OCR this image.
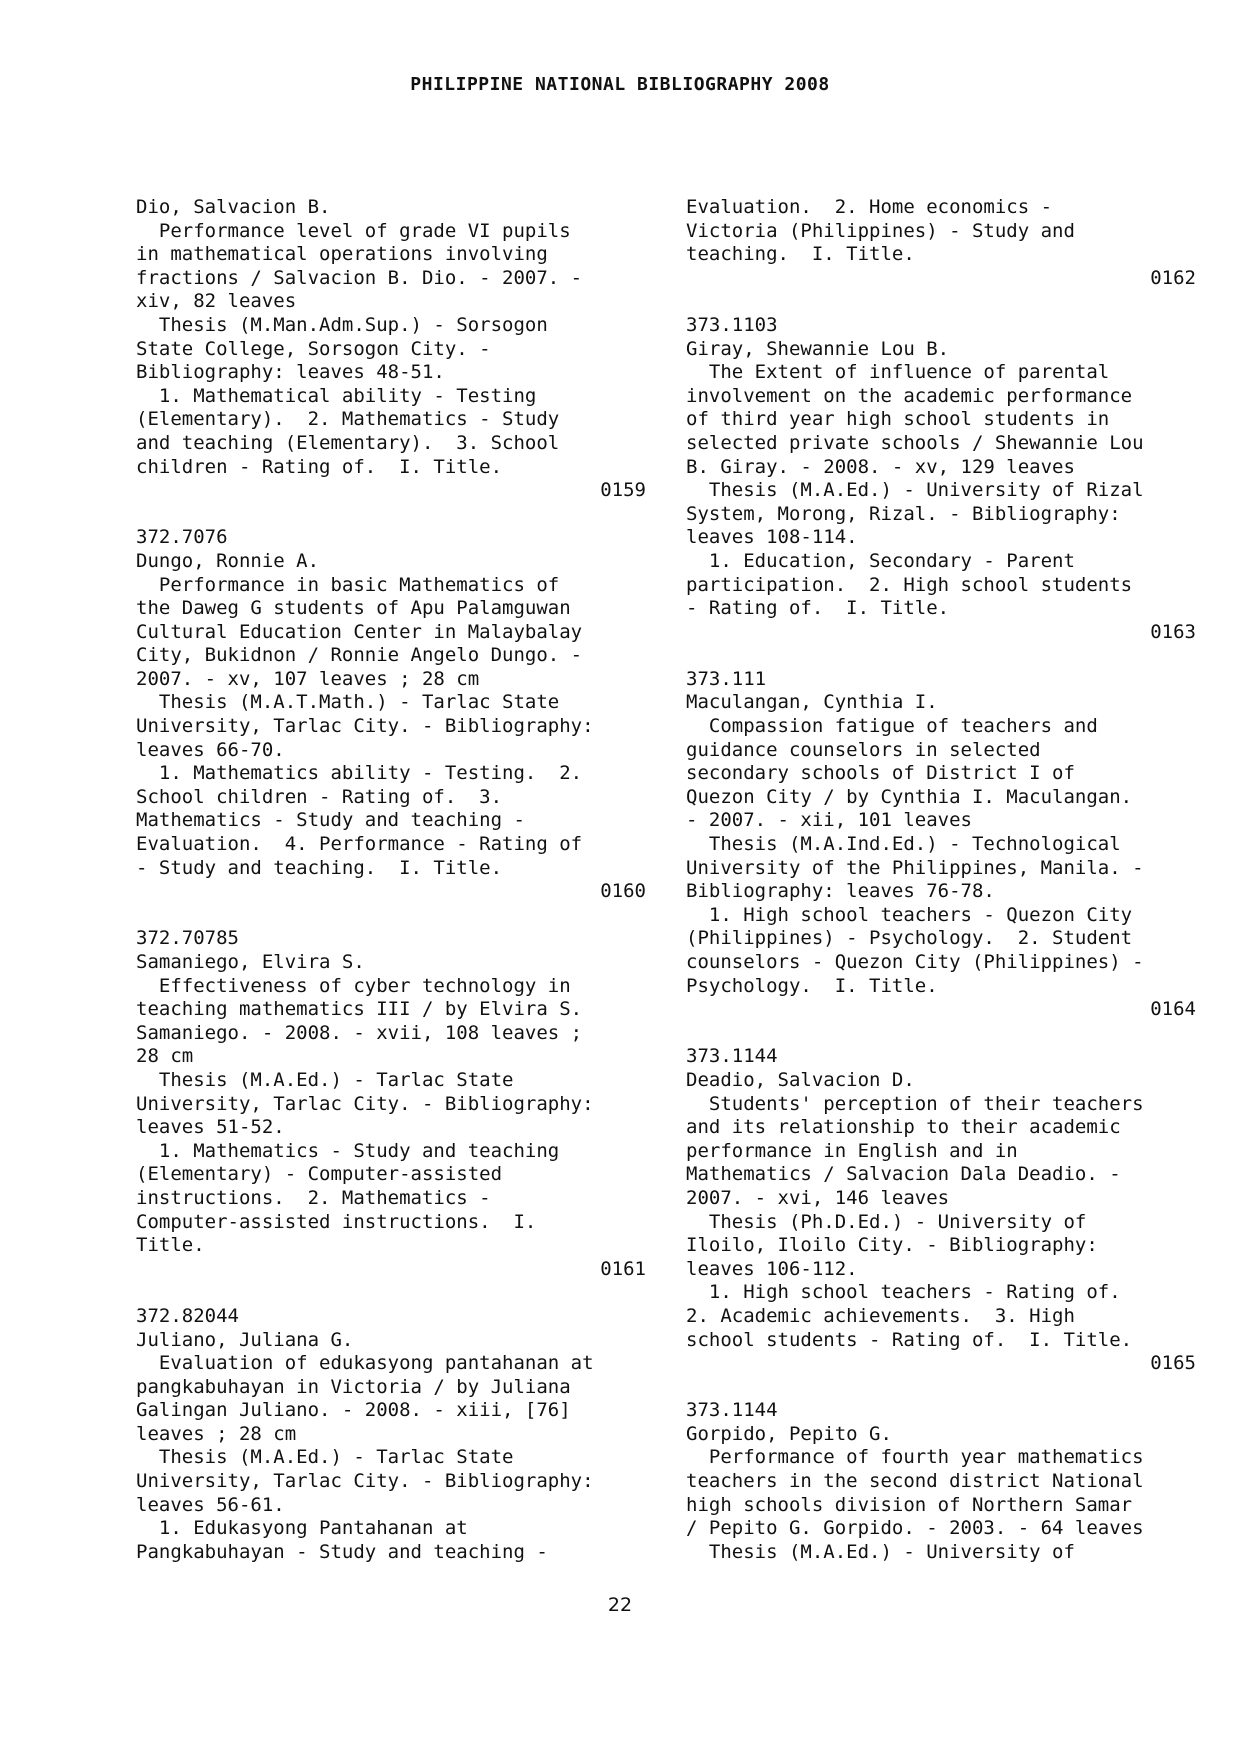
PHILIPPINE NATIONAL BIBLIOGRAPHY 2008
Dio, Salvacion B.
Performance level of grade VI pupils
in mathematical operations involving
fractions / Salvacion B. Dio. - 2007. -
xiv, 82 leaves
Thesis (M.Man.Adm.Sup.) - Sorsogon
State College, Sorsogon City. -
Bibliography: leaves 48-51.
1. Mathematical ability - Testing
(Elementary).  2. Mathematics - Study
and teaching (Elementary).  3. School
children - Rating of.  I. Title.
0159
372.7076
Dungo, Ronnie A.
Performance in basic Mathematics of
the Daweg G students of Apu Palamguwan
Cultural Education Center in Malaybalay
City, Bukidnon / Ronnie Angelo Dungo. -
2007. - xv, 107 leaves ; 28 cm
Thesis (M.A.T.Math.) - Tarlac State
University, Tarlac City. - Bibliography:
leaves 66-70.
1. Mathematics ability - Testing.  2.
School children - Rating of.  3.
Mathematics - Study and teaching -
Evaluation.  4. Performance - Rating of
- Study and teaching.  I. Title.
0160
372.70785
Samaniego, Elvira S.
Effectiveness of cyber technology in
teaching mathematics III / by Elvira S.
Samaniego. - 2008. - xvii, 108 leaves ;
28 cm
Thesis (M.A.Ed.) - Tarlac State
University, Tarlac City. - Bibliography:
leaves 51-52.
1. Mathematics - Study and teaching
(Elementary) - Computer-assisted
instructions.  2. Mathematics -
Computer-assisted instructions.  I.
Title.
0161
372.82044
Juliano, Juliana G.
Evaluation of edukasyong pantahanan at
pangkabuhayan in Victoria / by Juliana
Galingan Juliano. - 2008. - xiii, [76]
leaves ; 28 cm
Thesis (M.A.Ed.) - Tarlac State
University, Tarlac City. - Bibliography:
leaves 56-61.
1. Edukasyong Pantahanan at
Pangkabuhayan - Study and teaching -
Evaluation.  2. Home economics -
Victoria (Philippines) - Study and
teaching.  I. Title.
0162
373.1103
Giray, Shewannie Lou B.
The Extent of influence of parental
involvement on the academic performance
of third year high school students in
selected private schools / Shewannie Lou
B. Giray. - 2008. - xv, 129 leaves
Thesis (M.A.Ed.) - University of Rizal
System, Morong, Rizal. - Bibliography:
leaves 108-114.
1. Education, Secondary - Parent
participation.  2. High school students
- Rating of.  I. Title.
0163
373.111
Maculangan, Cynthia I.
Compassion fatigue of teachers and
guidance counselors in selected
secondary schools of District I of
Quezon City / by Cynthia I. Maculangan.
- 2007. - xii, 101 leaves
Thesis (M.A.Ind.Ed.) - Technological
University of the Philippines, Manila. -
Bibliography: leaves 76-78.
1. High school teachers - Quezon City
(Philippines) - Psychology.  2. Student
counselors - Quezon City (Philippines) -
Psychology.  I. Title.
0164
373.1144
Deadio, Salvacion D.
Students' perception of their teachers
and its relationship to their academic
performance in English and in
Mathematics / Salvacion Dala Deadio. -
2007. - xvi, 146 leaves
Thesis (Ph.D.Ed.) - University of
Iloilo, Iloilo City. - Bibliography:
leaves 106-112.
1. High school teachers - Rating of.
2. Academic achievements.  3. High
school students - Rating of.  I. Title.
0165
373.1144
Gorpido, Pepito G.
Performance of fourth year mathematics
teachers in the second district National
high schools division of Northern Samar
/ Pepito G. Gorpido. - 2003. - 64 leaves
Thesis (M.A.Ed.) - University of
22
